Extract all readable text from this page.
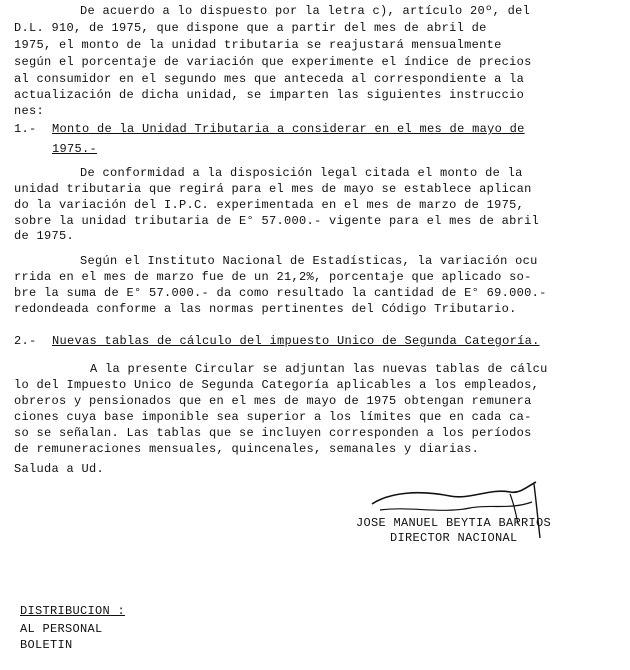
De acuerdo a lo dispuesto por la letra c), artículo 20º, del
D.L. 910, de 1975, que dispone que a partir del mes de abril de
1975, el monto de la unidad tributaria se reajustará mensualmente
según el porcentaje de variación que experimente el índice de precios
al consumidor en el segundo mes que anteceda al correspondiente a la
actualización de dicha unidad, se imparten las siguientes instruccio
nes:
1.- Monto de la Unidad Tributaria a considerar en el mes de mayo de
1975.-
De conformidad a la disposición legal citada el monto de la
unidad tributaria que regirá para el mes de mayo se establece aplican
do la variación del I.P.C. experimentada en el mes de marzo de 1975,
sobre la unidad tributaria de E° 57.000.- vigente para el mes de abril
de 1975.
Según el Instituto Nacional de Estadísticas, la variación ocu
rrida en el mes de marzo fue de un 21,2%, porcentaje que aplicado so-
bre la suma de E° 57.000.- da como resultado la cantidad de E° 69.000.-
redondeada conforme a las normas pertinentes del Código Tributario.
2.- Nuevas tablas de cálculo del impuesto Unico de Segunda Categoría.
A la presente Circular se adjuntan las nuevas tablas de cálcu
lo del Impuesto Unico de Segunda Categoría aplicables a los empleados,
obreros y pensionados que en el mes de mayo de 1975 obtengan remunera
ciones cuya base imponible sea superior a los límites que en cada ca-
so se señalan. Las tablas que se incluyen corresponden a los períodos
de remuneraciones mensuales, quincenales, semanales y diarias.
Saluda a Ud.
JOSE MANUEL BEYTIA BARRIOS
DIRECTOR NACIONAL
DISTRIBUCION :
AL PERSONAL
BOLETIN
